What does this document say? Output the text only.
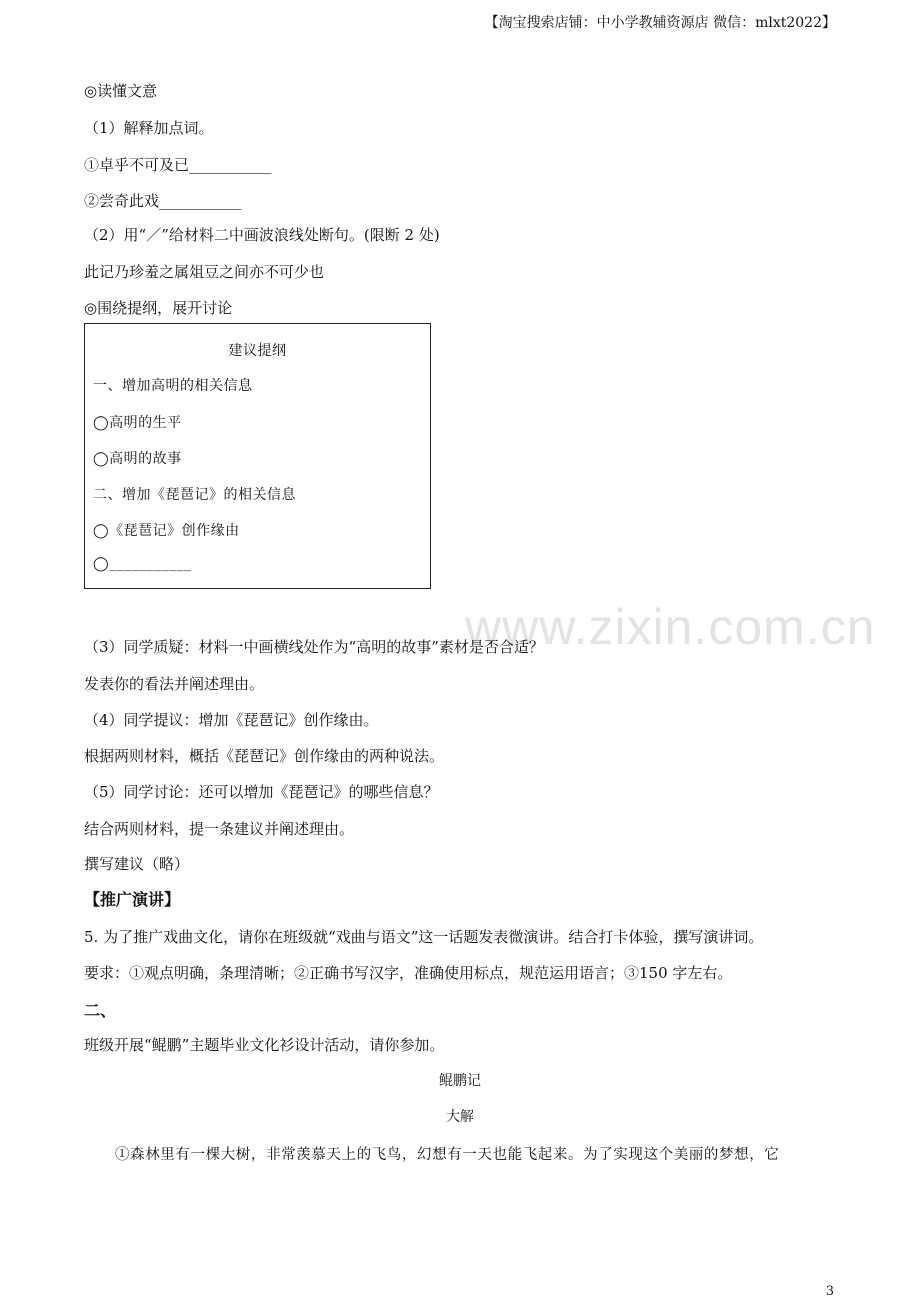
【淘宝搜索店铺：中小学教辅资源店 微信：mlxt2022】
◎读懂文意
（1）解释加点词。
①卓乎不可及已___________
②尝奇此戏___________
（2）用“／”给材料二中画波浪线处断句。(限断 2 处)
此记乃珍羞之属俎豆之间亦不可少也
◎围绕提纲，展开讨论
建议提纲
一、增加高明的相关信息
◯高明的生平
◯高明的故事
二、增加《琵琶记》的相关信息
◯《琵琶记》创作缘由
◯___________
www.zixin.com.cn
（3）同学质疑：材料一中画横线处作为“高明的故事”素材是否合适？
发表你的看法并阐述理由。
（4）同学提议：增加《琵琶记》创作缘由。
根据两则材料，概括《琵琶记》创作缘由的两种说法。
（5）同学讨论：还可以增加《琵琶记》的哪些信息？
结合两则材料，提一条建议并阐述理由。
撰写建议（略）
【推广演讲】
5. 为了推广戏曲文化，请你在班级就“戏曲与语文”这一话题发表微演讲。结合打卡体验，撰写演讲词。
要求：①观点明确，条理清晰；②正确书写汉字，准确使用标点，规范运用语言；③150 字左右。
二、
班级开展“鲲鹏”主题毕业文化衫设计活动，请你参加。
鲲鹏记
大解
①森林里有一棵大树，非常羡慕天上的飞鸟，幻想有一天也能飞起来。为了实现这个美丽的梦想，它
3
